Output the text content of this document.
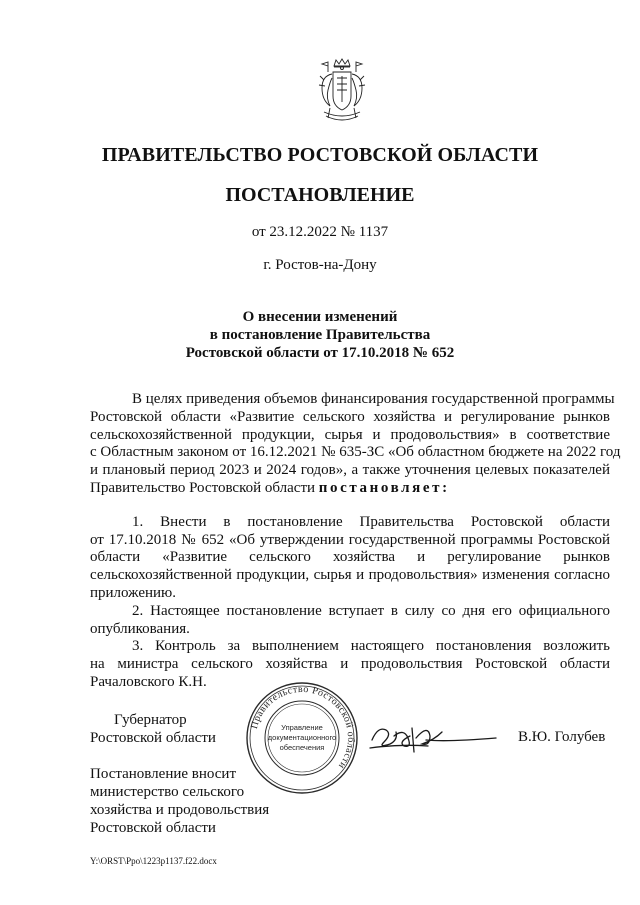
ПРАВИТЕЛЬСТВО РОСТОВСКОЙ ОБЛАСТИ
ПОСТАНОВЛЕНИЕ
от 23.12.2022 № 1137
г. Ростов-на-Дону
О внесении изменений
в постановление Правительства
Ростовской области от 17.10.2018 № 652
В целях приведения объемов финансирования государственной программы
Ростовской области «Развитие сельского хозяйства и регулирование рынков
сельскохозяйственной продукции, сырья и продовольствия» в соответствие
с Областным законом от 16.12.2021 № 635-ЗС «Об областном бюджете на 2022 год
и плановый период 2023 и 2024 годов», а также уточнения целевых показателей
Правительство Ростовской области постановляет:
1. Внести в постановление Правительства Ростовской области
от 17.10.2018 № 652 «Об утверждении государственной программы Ростовской
области «Развитие сельского хозяйства и регулирование рынков
сельскохозяйственной продукции, сырья и продовольствия» изменения согласно
приложению.
2. Настоящее постановление вступает в силу со дня его официального
опубликования.
3. Контроль за выполнением настоящего постановления возложить
на министра сельского хозяйства и продовольствия Ростовской области
Рачаловского К.Н.
Губернатор
Ростовской области
Правительство Ростовской области
Управление
документационного
обеспечения
В.Ю. Голубев
Постановление вносит
министерство сельского
хозяйства и продовольствия
Ростовской области
Y:\ORST\Ppo\1223p1137.f22.docx
